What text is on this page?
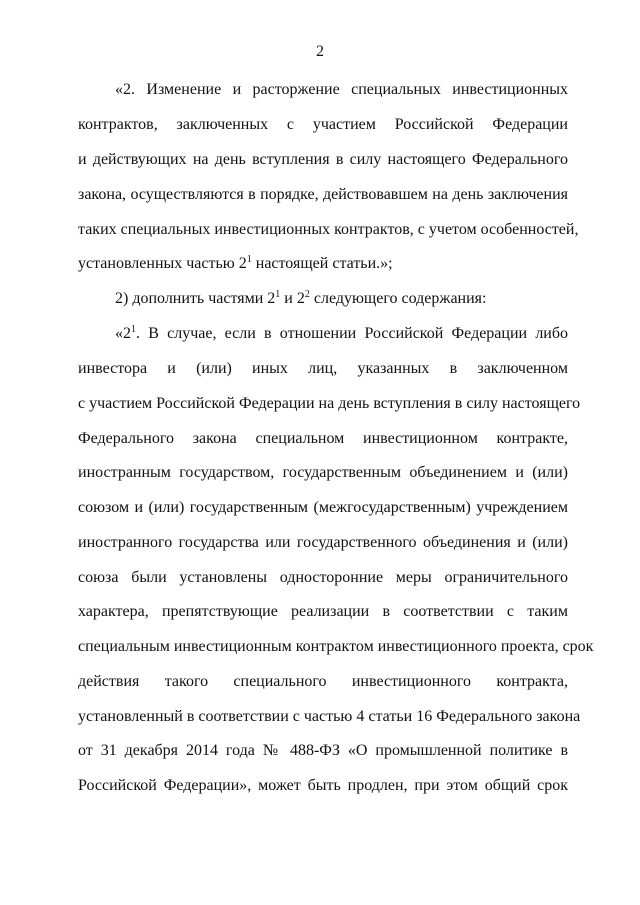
2
«2. Изменение и расторжение специальных инвестиционных
контрактов, заключенных с участием Российской Федерации
и действующих на день вступления в силу настоящего Федерального
закона, осуществляются в порядке, действовавшем на день заключения
таких специальных инвестиционных контрактов, с учетом особенностей,
установленных частью $2^1$ настоящей статьи.»;
2) дополнить частями $2^1$ и $2^2$ следующего содержания:
«$2^1$. В случае, если в отношении Российской Федерации либо
инвестора и (или) иных лиц, указанных в заключенном
с участием Российской Федерации на день вступления в силу настоящего
Федерального закона специальном инвестиционном контракте,
иностранным государством, государственным объединением и (или)
союзом и (или) государственным (межгосударственным) учреждением
иностранного государства или государственного объединения и (или)
союза были установлены односторонние меры ограничительного
характера, препятствующие реализации в соответствии с таким
специальным инвестиционным контрактом инвестиционного проекта, срок
действия такого специального инвестиционного контракта,
установленный в соответствии с частью 4 статьи 16 Федерального закона
от 31 декабря 2014 года № 488-ФЗ «О промышленной политике в
Российской Федерации», может быть продлен, при этом общий срок
